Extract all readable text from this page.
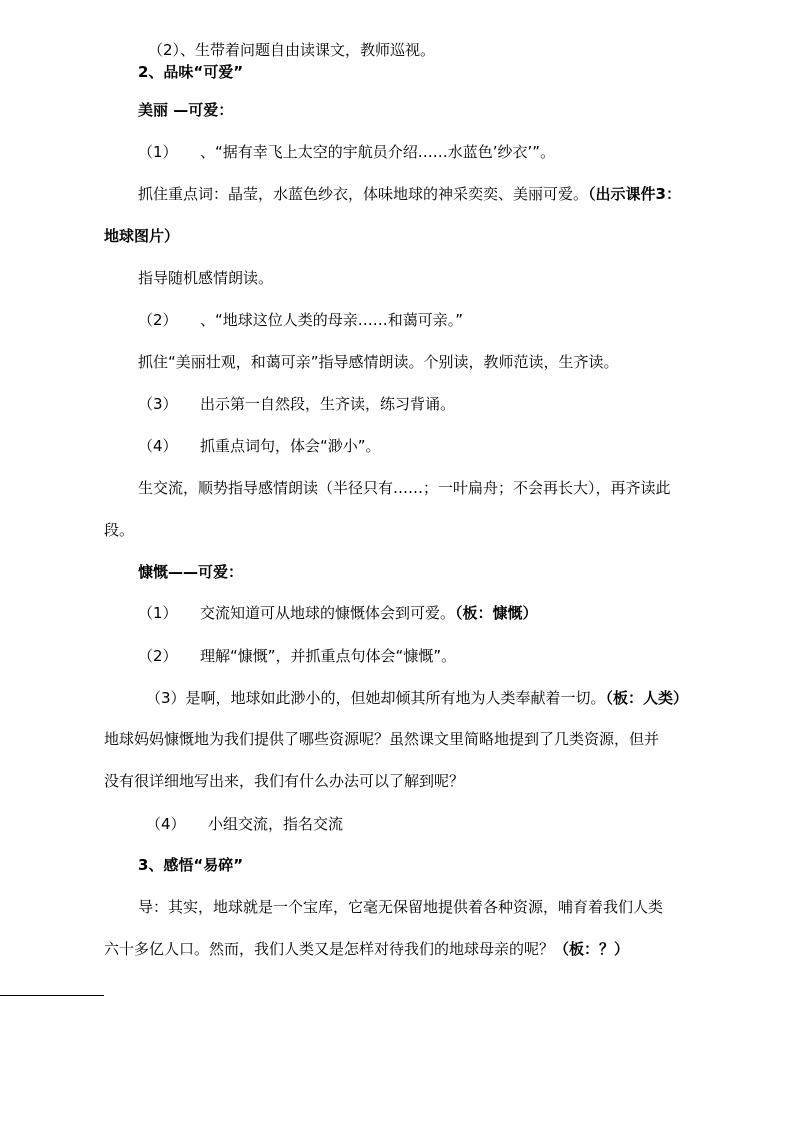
（2）、生带着问题自由读课文，教师巡视。
2、品味“可爱”
美丽 —可爱：
（1） 、“据有幸飞上太空的宇航员介绍……水蓝色’纱衣’”。
抓住重点词：晶莹，水蓝色纱衣，体味地球的神采奕奕、美丽可爱。（出示课件3：
地球图片）
指导随机感情朗读。
（2） 、“地球这位人类的母亲……和蔼可亲。”
抓住“美丽壮观，和蔼可亲”指导感情朗读。个别读，教师范读，生齐读。
（3） 出示第一自然段，生齐读，练习背诵。
（4） 抓重点词句，体会“渺小”。
生交流，顺势指导感情朗读（半径只有……；一叶扁舟；不会再长大），再齐读此
段。
慷慨——可爱：
（1） 交流知道可从地球的慷慨体会到可爱。（板：慷慨）
（2） 理解“慷慨”，并抓重点句体会“慷慨”。
（3）是啊，地球如此渺小的，但她却倾其所有地为人类奉献着一切。（板：人类）
地球妈妈慷慨地为我们提供了哪些资源呢？虽然课文里简略地提到了几类资源，但并
没有很详细地写出来，我们有什么办法可以了解到呢？
（4） 小组交流，指名交流
3、感悟“易碎”
导：其实，地球就是一个宝库，它毫无保留地提供着各种资源，哺育着我们人类
六十多亿人口。然而，我们人类又是怎样对待我们的地球母亲的呢？（板：？）
